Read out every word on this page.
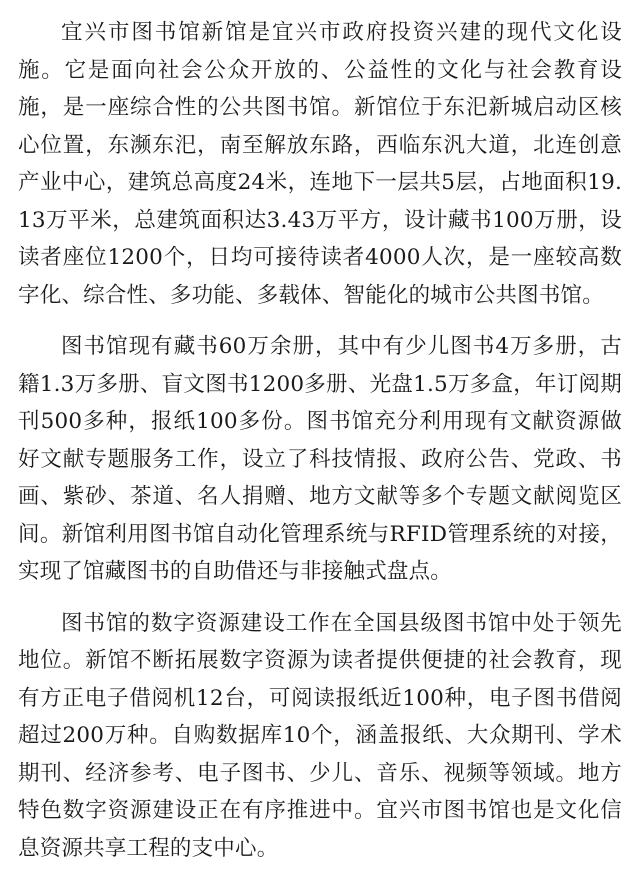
宜兴市图书馆新馆是宜兴市政府投资兴建的现代文化设施。它是面向社会公众开放的、公益性的文化与社会教育设施，是一座综合性的公共图书馆。新馆位于东汜新城启动区核心位置，东濒东汜，南至解放东路，西临东汎大道，北连创意产业中心，建筑总高度24米，连地下一层共5层，占地面积19.13万平米，总建筑面积达3.43万平方，设计藏书100万册，设读者座位1200个，日均可接待读者4000人次，是一座较高数字化、综合性、多功能、多载体、智能化的城市公共图书馆。

图书馆现有藏书60万余册，其中有少儿图书4万多册，古籍1.3万多册、盲文图书1200多册、光盘1.5万多盒，年订阅期刊500多种，报纸100多份。图书馆充分利用现有文献资源做好文献专题服务工作，设立了科技情报、政府公告、党政、书画、紫砂、茶道、名人捐赠、地方文献等多个专题文献阅览区间。新馆利用图书馆自动化管理系统与RFID管理系统的对接，实现了馆藏图书的自助借还与非接触式盘点。

图书馆的数字资源建设工作在全国县级图书馆中处于领先地位。新馆不断拓展数字资源为读者提供便捷的社会教育，现有方正电子借阅机12台，可阅读报纸近100种，电子图书借阅超过200万种。自购数据库10个，涵盖报纸、大众期刊、学术期刊、经济参考、电子图书、少儿、音乐、视频等领域。地方特色数字资源建设正在有序推进中。宜兴市图书馆也是文化信息资源共享工程的支中心。
